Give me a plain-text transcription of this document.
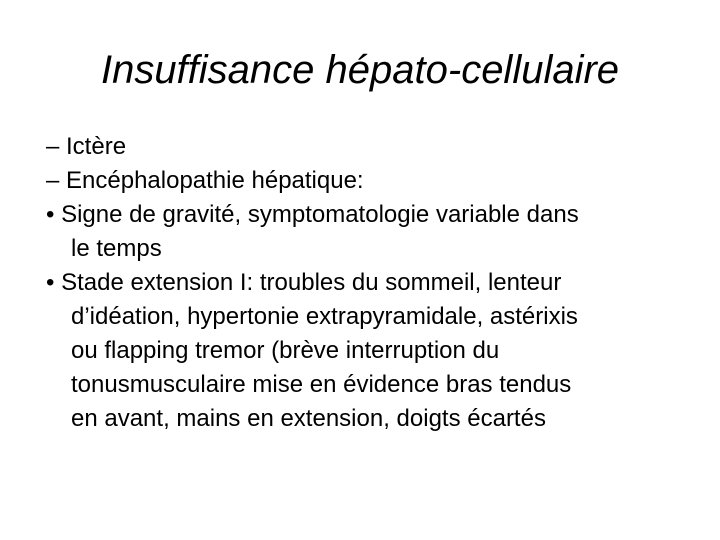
Insuffisance hépato-cellulaire
– Ictère
– Encéphalopathie hépatique:
• Signe de gravité, symptomatologie variable dans
le temps
• Stade extension I: troubles du sommeil, lenteur
d’idéation, hypertonie extrapyramidale, astérixis
ou flapping tremor (brève interruption du
tonusmusculaire mise en évidence bras tendus
en avant, mains en extension, doigts écartés
